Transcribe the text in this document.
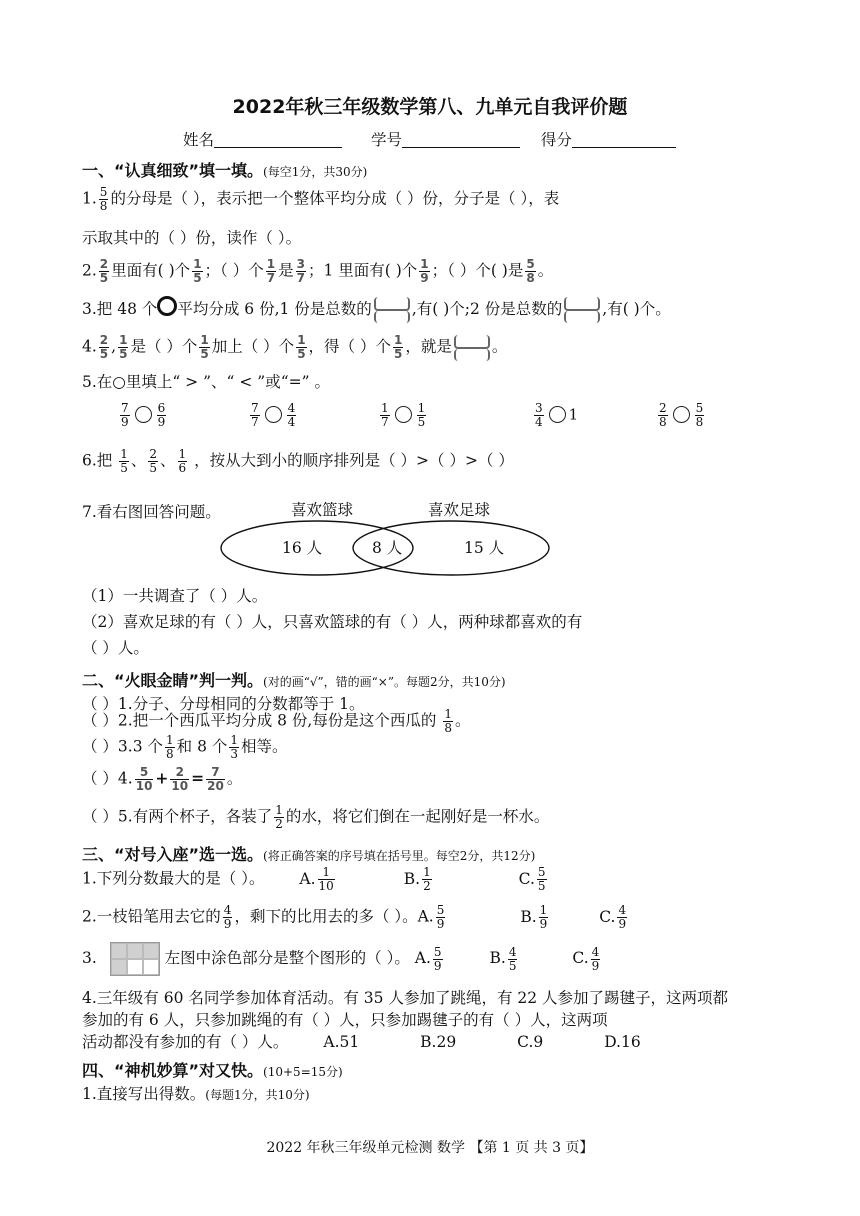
2022年秋三年级数学第八、九单元自我评价题
姓名	学号	得分
一、“认真细致”填一填。(每空1分，共30分)
1. $\frac{5}{8}$ 的分母是（ ），表示把一个整体平均分成（ ）份，分子是（ ），表
示取其中的（ ）份，读作（ ）。
2. $\frac{2}{5}$ 里面有( )个 $\frac{1}{5}$ ；（ ）个 $\frac{1}{7}$ 是 $\frac{3}{7}$ ；1 里面有( )个 $\frac{1}{9}$ ；（ ）个( )是 $\frac{5}{8}$ 。
3.把 48 个 平均分成 6 份,1 份是总数的	,有( )个;2 份是总数的	,有( )个。
4. $\frac{2}{5}$ , $\frac{1}{5}$ 是（ ）个 $\frac{1}{5}$ 加上（ ）个 $\frac{1}{5}$ ，得（ ）个 $\frac{1}{5}$ ，就是	。
5.在○里填上“ > ”、“ < ”或“=” 。
$\frac{7}{9} \frac{6}{9}$	$\frac{7}{7} \frac{4}{4}$	$\frac{1}{7} \frac{1}{5}$	$\frac{3}{4} 1$	$\frac{2}{8} \frac{5}{8}$
6.把 $\frac{1}{5}$ 、 $\frac{2}{5}$ 、 $\frac{1}{6}$ ，按从大到小的顺序排列是（ ）>（ ）>（ ）
7.看右图回答问题。	喜欢篮球	喜欢足球
16 人	8 人	15 人
（1）一共调查了（ ）人。
（2）喜欢足球的有（ ）人，只喜欢篮球的有（ ）人，两种球都喜欢的有
（ ）人。
二、“火眼金睛”判一判。(对的画“√”，错的画“×”。每题2分，共10分)
（ ）1.分子、分母相同的分数都等于 1。
（ ）2.把一个西瓜平均分成 8 份,每份是这个西瓜的 $\frac{1}{8}$ 。
（ ）3.3 个 $\frac{1}{8}$ 和 8 个 $\frac{1}{3}$ 相等。
（ ）4. $\frac{5}{10} + \frac{2}{10} = \frac{7}{20}$ 。
（ ）5.有两个杯子，各装了 $\frac{1}{2}$ 的水，将它们倒在一起刚好是一杯水。
三、“对号入座”选一选。(将正确答案的序号填在括号里。每空2分，共12分)
1.下列分数最大的是（ ）。 A. $\frac{1}{10}$	B. $\frac{1}{2}$	C. $\frac{5}{5}$
2.一枝铅笔用去它的 $\frac{4}{9}$ ，剩下的比用去的多（ ）。A. $\frac{5}{9}$	B. $\frac{1}{9}$	C. $\frac{4}{9}$
3.	左图中涂色部分是整个图形的（ ）。 A. $\frac{5}{9}$	B. $\frac{4}{5}$	C. $\frac{4}{9}$
4.三年级有 60 名同学参加体育活动。有 35 人参加了跳绳，有 22 人参加了踢毽子，这两项都
参加的有 6 人，只参加跳绳的有（ ）人，只参加踢毽子的有（ ）人，这两项
活动都没有参加的有（ ）人。 A.51	B.29	C.9	D.16
四、“神机妙算”对又快。(10+5=15分)
1.直接写出得数。(每题1分，共10分)
2022 年秋三年级单元检测 数学 【第 1 页 共 3 页】
